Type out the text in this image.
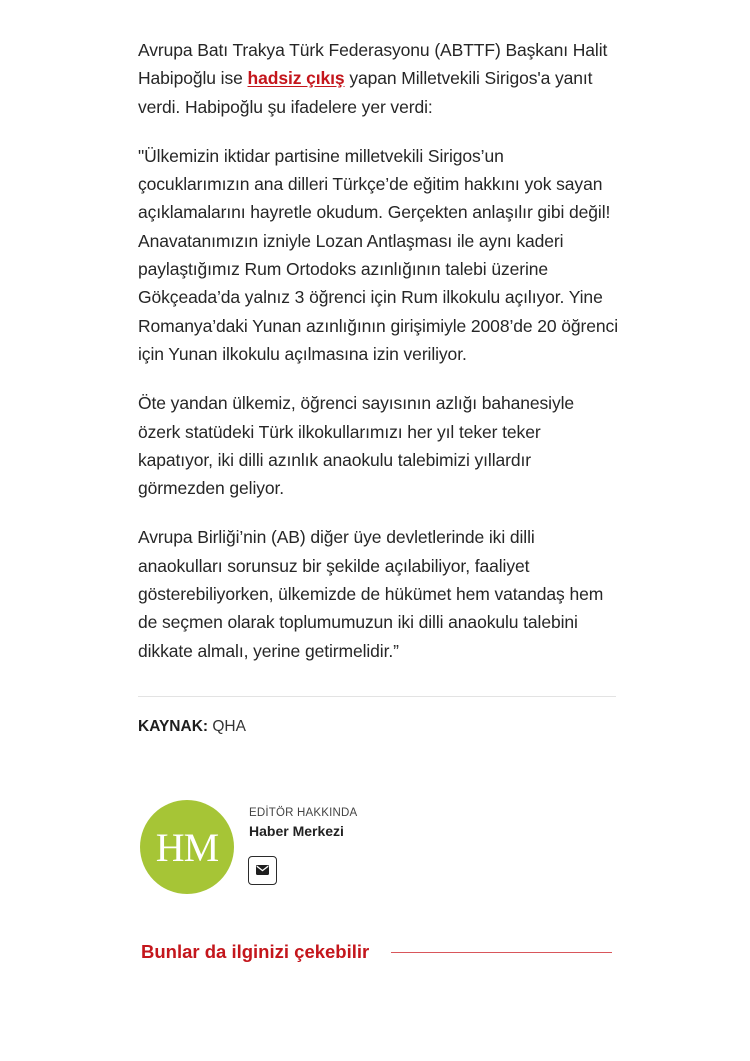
Avrupa Batı Trakya Türk Federasyonu (ABTTF) Başkanı Halit Habipoğlu ise hadsiz çıkış yapan Milletvekili Sirigos'a yanıt verdi. Habipoğlu şu ifadelere yer verdi:

"Ülkemizin iktidar partisine milletvekili Sirigos’un çocuklarımızın ana dilleri Türkçe’de eğitim hakkını yok sayan açıklamalarını hayretle okudum. Gerçekten anlaşılır gibi değil! Anavatanımızın izniyle Lozan Antlaşması ile aynı kaderi paylaştığımız Rum Ortodoks azınlığının talebi üzerine Gökçeada’da yalnız 3 öğrenci için Rum ilkokulu açılıyor. Yine Romanya’daki Yunan azınlığının girişimiyle 2008’de 20 öğrenci için Yunan ilkokulu açılmasına izin veriliyor.

Öte yandan ülkemiz, öğrenci sayısının azlığı bahanesiyle özerk statüdeki Türk ilkokullarımızı her yıl teker teker kapatıyor, iki dilli azınlık anaokulu talebimizi yıllardır görmezden geliyor.

Avrupa Birliği’nin (AB) diğer üye devletlerinde iki dilli anaokulları sorunsuz bir şekilde açılabiliyor, faaliyet gösterebiliyorken, ülkemizde de hükümet hem vatandaş hem de seçmen olarak toplumumuzun iki dilli anaokulu talebini dikkate almalı, yerine getirmelidir.”

KAYNAK: QHA
HM
EDİTÖR HAKKINDA
Haber Merkezi
Bunlar da ilginizi çekebilir
